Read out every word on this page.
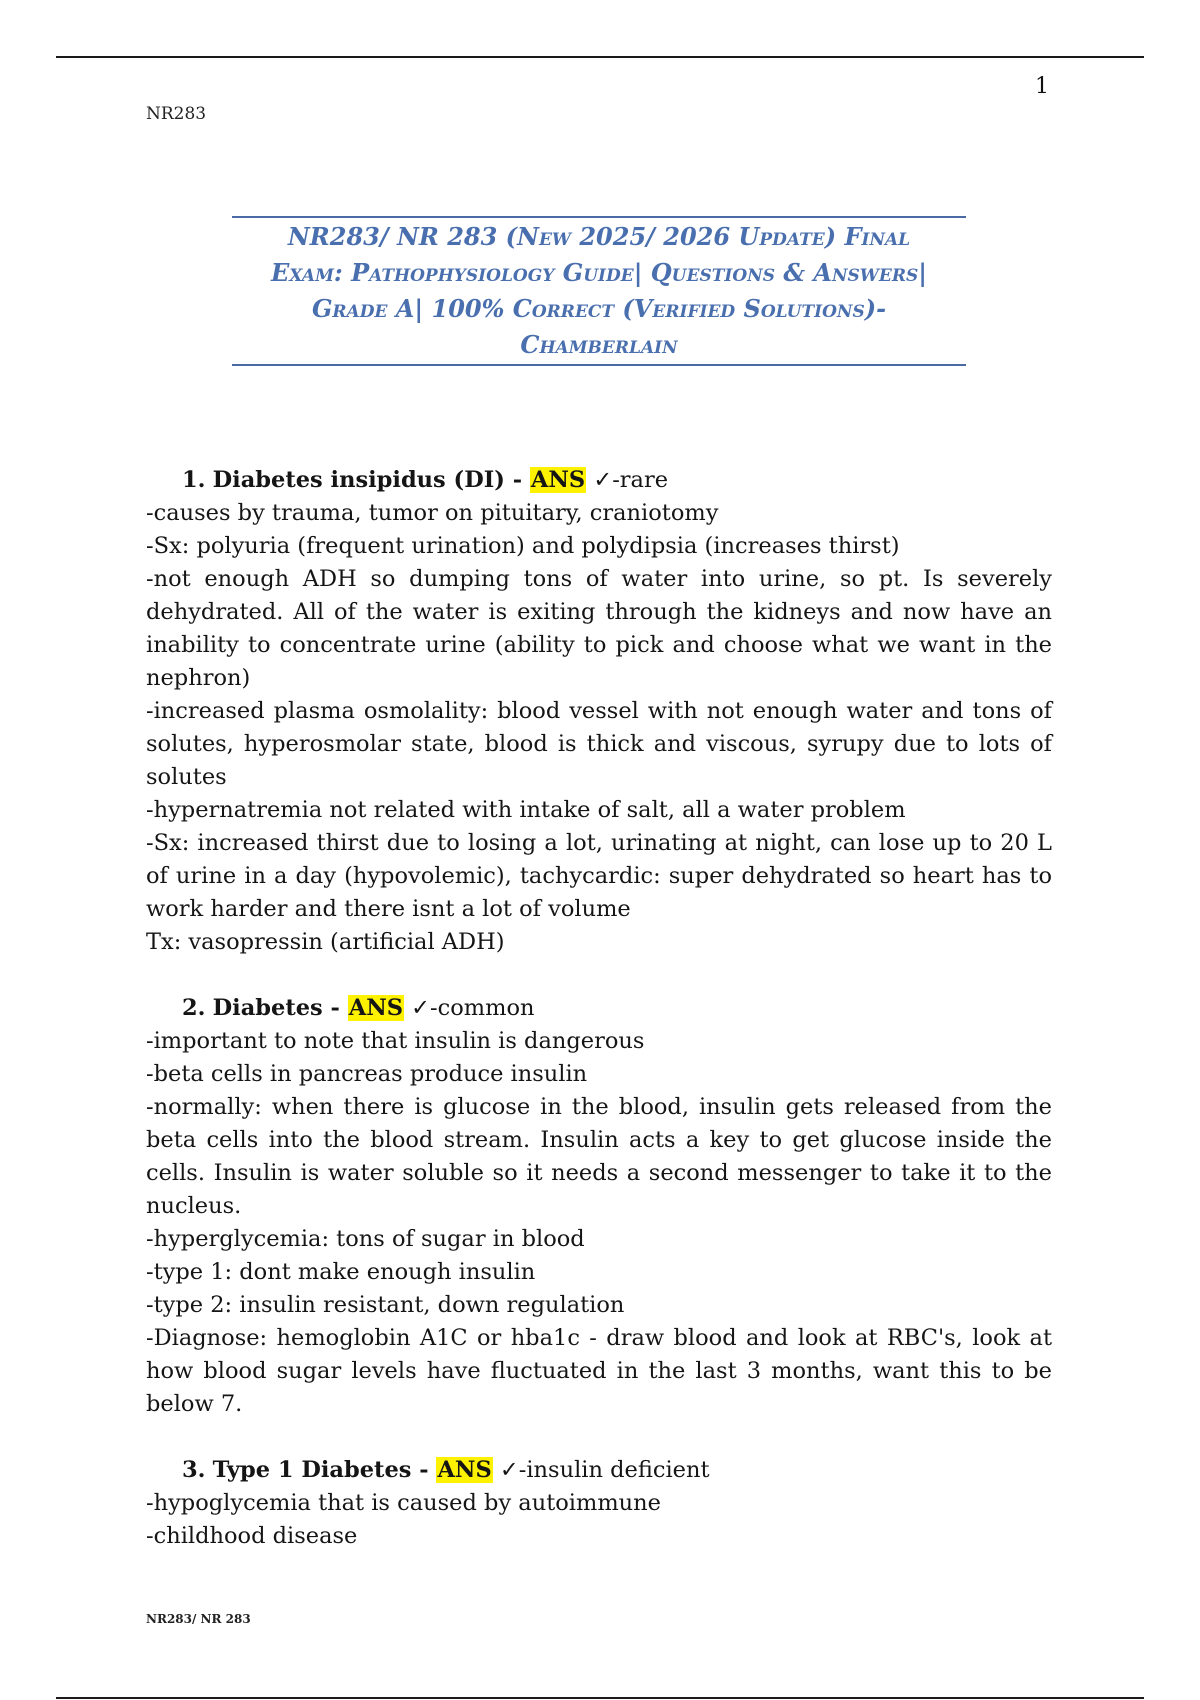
1
NR283
NR283/ NR 283 (New 2025/ 2026 Update) Final Exam: Pathophysiology Guide| Questions & Answers| Grade A| 100% Correct (Verified Solutions)- Chamberlain
1. Diabetes insipidus (DI) - ANS ✓-rare
-causes by trauma, tumor on pituitary, craniotomy
-Sx: polyuria (frequent urination) and polydipsia (increases thirst)
-not enough ADH so dumping tons of water into urine, so pt. Is severely dehydrated. All of the water is exiting through the kidneys and now have an inability to concentrate urine (ability to pick and choose what we want in the nephron)
-increased plasma osmolality: blood vessel with not enough water and tons of solutes, hyperosmolar state, blood is thick and viscous, syrupy due to lots of solutes
-hypernatremia not related with intake of salt, all a water problem
-Sx: increased thirst due to losing a lot, urinating at night, can lose up to 20 L of urine in a day (hypovolemic), tachycardic: super dehydrated so heart has to work harder and there isnt a lot of volume
Tx: vasopressin (artificial ADH)
2. Diabetes - ANS ✓-common
-important to note that insulin is dangerous
-beta cells in pancreas produce insulin
-normally: when there is glucose in the blood, insulin gets released from the beta cells into the blood stream. Insulin acts a key to get glucose inside the cells. Insulin is water soluble so it needs a second messenger to take it to the nucleus.
-hyperglycemia: tons of sugar in blood
-type 1: dont make enough insulin
-type 2: insulin resistant, down regulation
-Diagnose: hemoglobin A1C or hba1c - draw blood and look at RBC's, look at how blood sugar levels have fluctuated in the last 3 months, want this to be below 7.
3. Type 1 Diabetes - ANS ✓-insulin deficient
-hypoglycemia that is caused by autoimmune
-childhood disease
NR283/ NR 283
